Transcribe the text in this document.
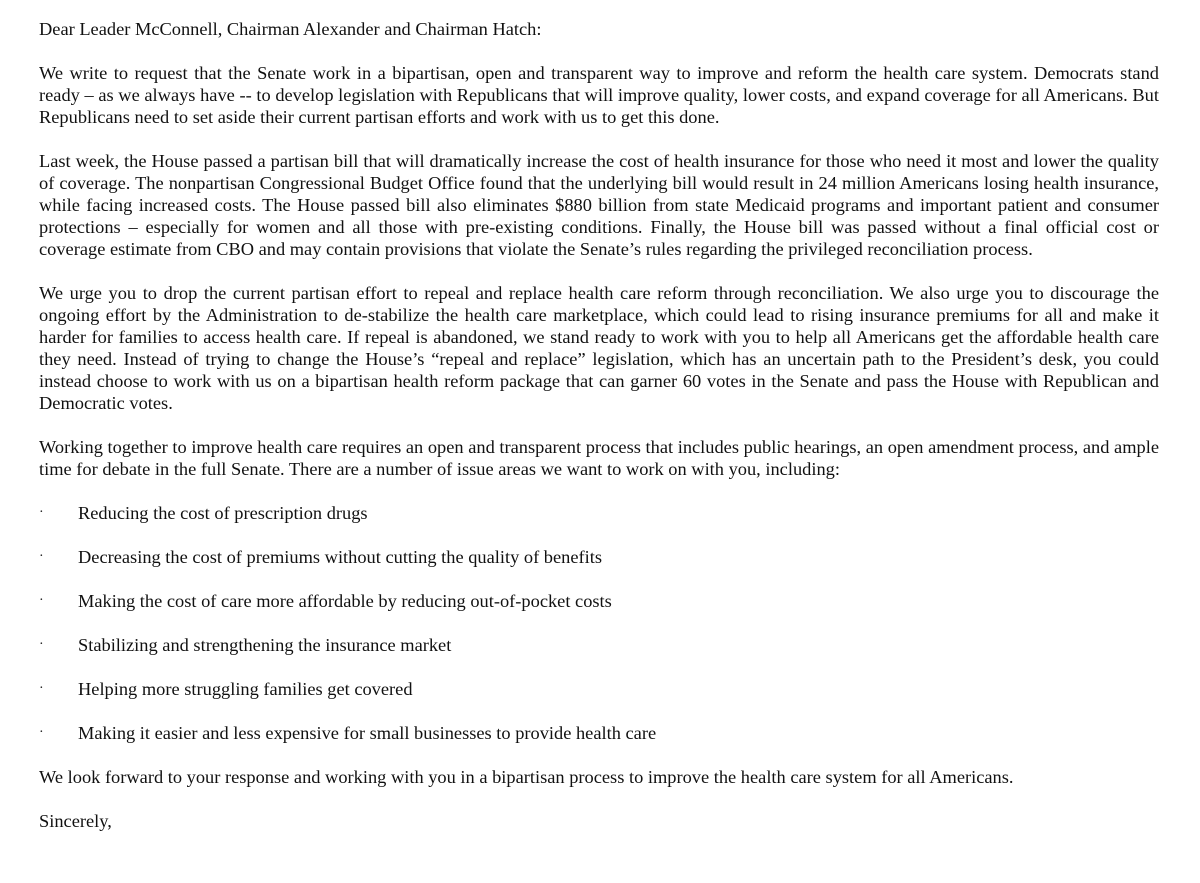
Dear Leader McConnell, Chairman Alexander and Chairman Hatch:

We write to request that the Senate work in a bipartisan, open and transparent way to improve and reform the health care system. Democrats stand ready – as we always have -- to develop legislation with Republicans that will improve quality, lower costs, and expand coverage for all Americans. But Republicans need to set aside their current partisan efforts and work with us to get this done.

Last week, the House passed a partisan bill that will dramatically increase the cost of health insurance for those who need it most and lower the quality of coverage. The nonpartisan Congressional Budget Office found that the underlying bill would result in 24 million Americans losing health insurance, while facing increased costs. The House passed bill also eliminates $880 billion from state Medicaid programs and important patient and consumer protections – especially for women and all those with pre-existing conditions. Finally, the House bill was passed without a final official cost or coverage estimate from CBO and may contain provisions that violate the Senate’s rules regarding the privileged reconciliation process.

We urge you to drop the current partisan effort to repeal and replace health care reform through reconciliation. We also urge you to discourage the ongoing effort by the Administration to de-stabilize the health care marketplace, which could lead to rising insurance premiums for all and make it harder for families to access health care. If repeal is abandoned, we stand ready to work with you to help all Americans get the affordable health care they need. Instead of trying to change the House’s “repeal and replace” legislation, which has an uncertain path to the President’s desk, you could instead choose to work with us on a bipartisan health reform package that can garner 60 votes in the Senate and pass the House with Republican and Democratic votes.

Working together to improve health care requires an open and transparent process that includes public hearings, an open amendment process, and ample time for debate in the full Senate. There are a number of issue areas we want to work on with you, including:

· Reducing the cost of prescription drugs
· Decreasing the cost of premiums without cutting the quality of benefits
· Making the cost of care more affordable by reducing out-of-pocket costs
· Stabilizing and strengthening the insurance market
· Helping more struggling families get covered
· Making it easier and less expensive for small businesses to provide health care

We look forward to your response and working with you in a bipartisan process to improve the health care system for all Americans.

Sincerely,
